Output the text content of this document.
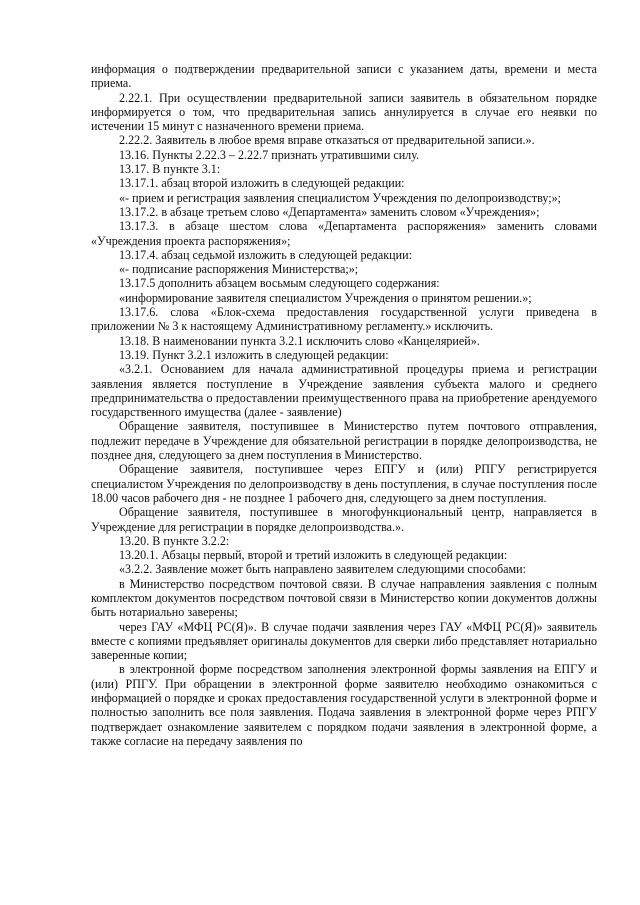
информация о подтверждении предварительной записи с указанием даты, времени и места приема.

2.22.1. При осуществлении предварительной записи заявитель в обязательном порядке информируется о том, что предварительная запись аннулируется в случае его неявки по истечении 15 минут с назначенного времени приема.

2.22.2. Заявитель в любое время вправе отказаться от предварительной записи.».

13.16. Пункты 2.22.3 – 2.22.7 признать утратившими силу.

13.17. В пункте 3.1:

13.17.1. абзац второй изложить в следующей редакции:

«- прием и регистрация заявления специалистом Учреждения по делопроизводству;»;

13.17.2. в абзаце третьем слово «Департамента» заменить словом «Учреждения»;

13.17.3. в абзаце шестом слова «Департамента распоряжения» заменить словами «Учреждения проекта распоряжения»;

13.17.4. абзац седьмой изложить в следующей редакции:

«- подписание распоряжения Министерства;»;

13.17.5 дополнить абзацем восьмым следующего содержания:

«информирование заявителя специалистом Учреждения о принятом решении.»;

13.17.6. слова «Блок-схема предоставления государственной услуги приведена в приложении № 3 к настоящему Административному регламенту.» исключить.

13.18. В наименовании пункта 3.2.1 исключить слово «Канцелярией».

13.19. Пункт 3.2.1 изложить в следующей редакции:

«3.2.1. Основанием для начала административной процедуры приема и регистрации заявления является поступление в Учреждение заявления субъекта малого и среднего предпринимательства о предоставлении преимущественного права на приобретение арендуемого государственного имущества (далее - заявление)

Обращение заявителя, поступившее в Министерство путем почтового отправления, подлежит передаче в Учреждение для обязательной регистрации в порядке делопроизводства, не позднее дня, следующего за днем поступления в Министерство.

Обращение заявителя, поступившее через ЕПГУ и (или) РПГУ регистрируется специалистом Учреждения по делопроизводству в день поступления, в случае поступления после 18.00 часов рабочего дня - не позднее 1 рабочего дня, следующего за днем поступления.

Обращение заявителя, поступившее в многофункциональный центр, направляется в Учреждение для регистрации в порядке делопроизводства.».

13.20. В пункте 3.2.2:

13.20.1. Абзацы первый, второй и третий изложить в следующей редакции:

«3.2.2. Заявление может быть направлено заявителем следующими способами:

в Министерство посредством почтовой связи. В случае направления заявления с полным комплектом документов посредством почтовой связи в Министерство копии документов должны быть нотариально заверены;

через ГАУ «МФЦ РС(Я)». В случае подачи заявления через ГАУ «МФЦ РС(Я)» заявитель вместе с копиями предъявляет оригиналы документов для сверки либо представляет нотариально заверенные копии;

в электронной форме посредством заполнения электронной формы заявления на ЕПГУ и (или) РПГУ. При обращении в электронной форме заявителю необходимо ознакомиться с информацией о порядке и сроках предоставления государственной услуги в электронной форме и полностью заполнить все поля заявления. Подача заявления в электронной форме через РПГУ подтверждает ознакомление заявителем с порядком подачи заявления в электронной форме, а также согласие на передачу заявления по
